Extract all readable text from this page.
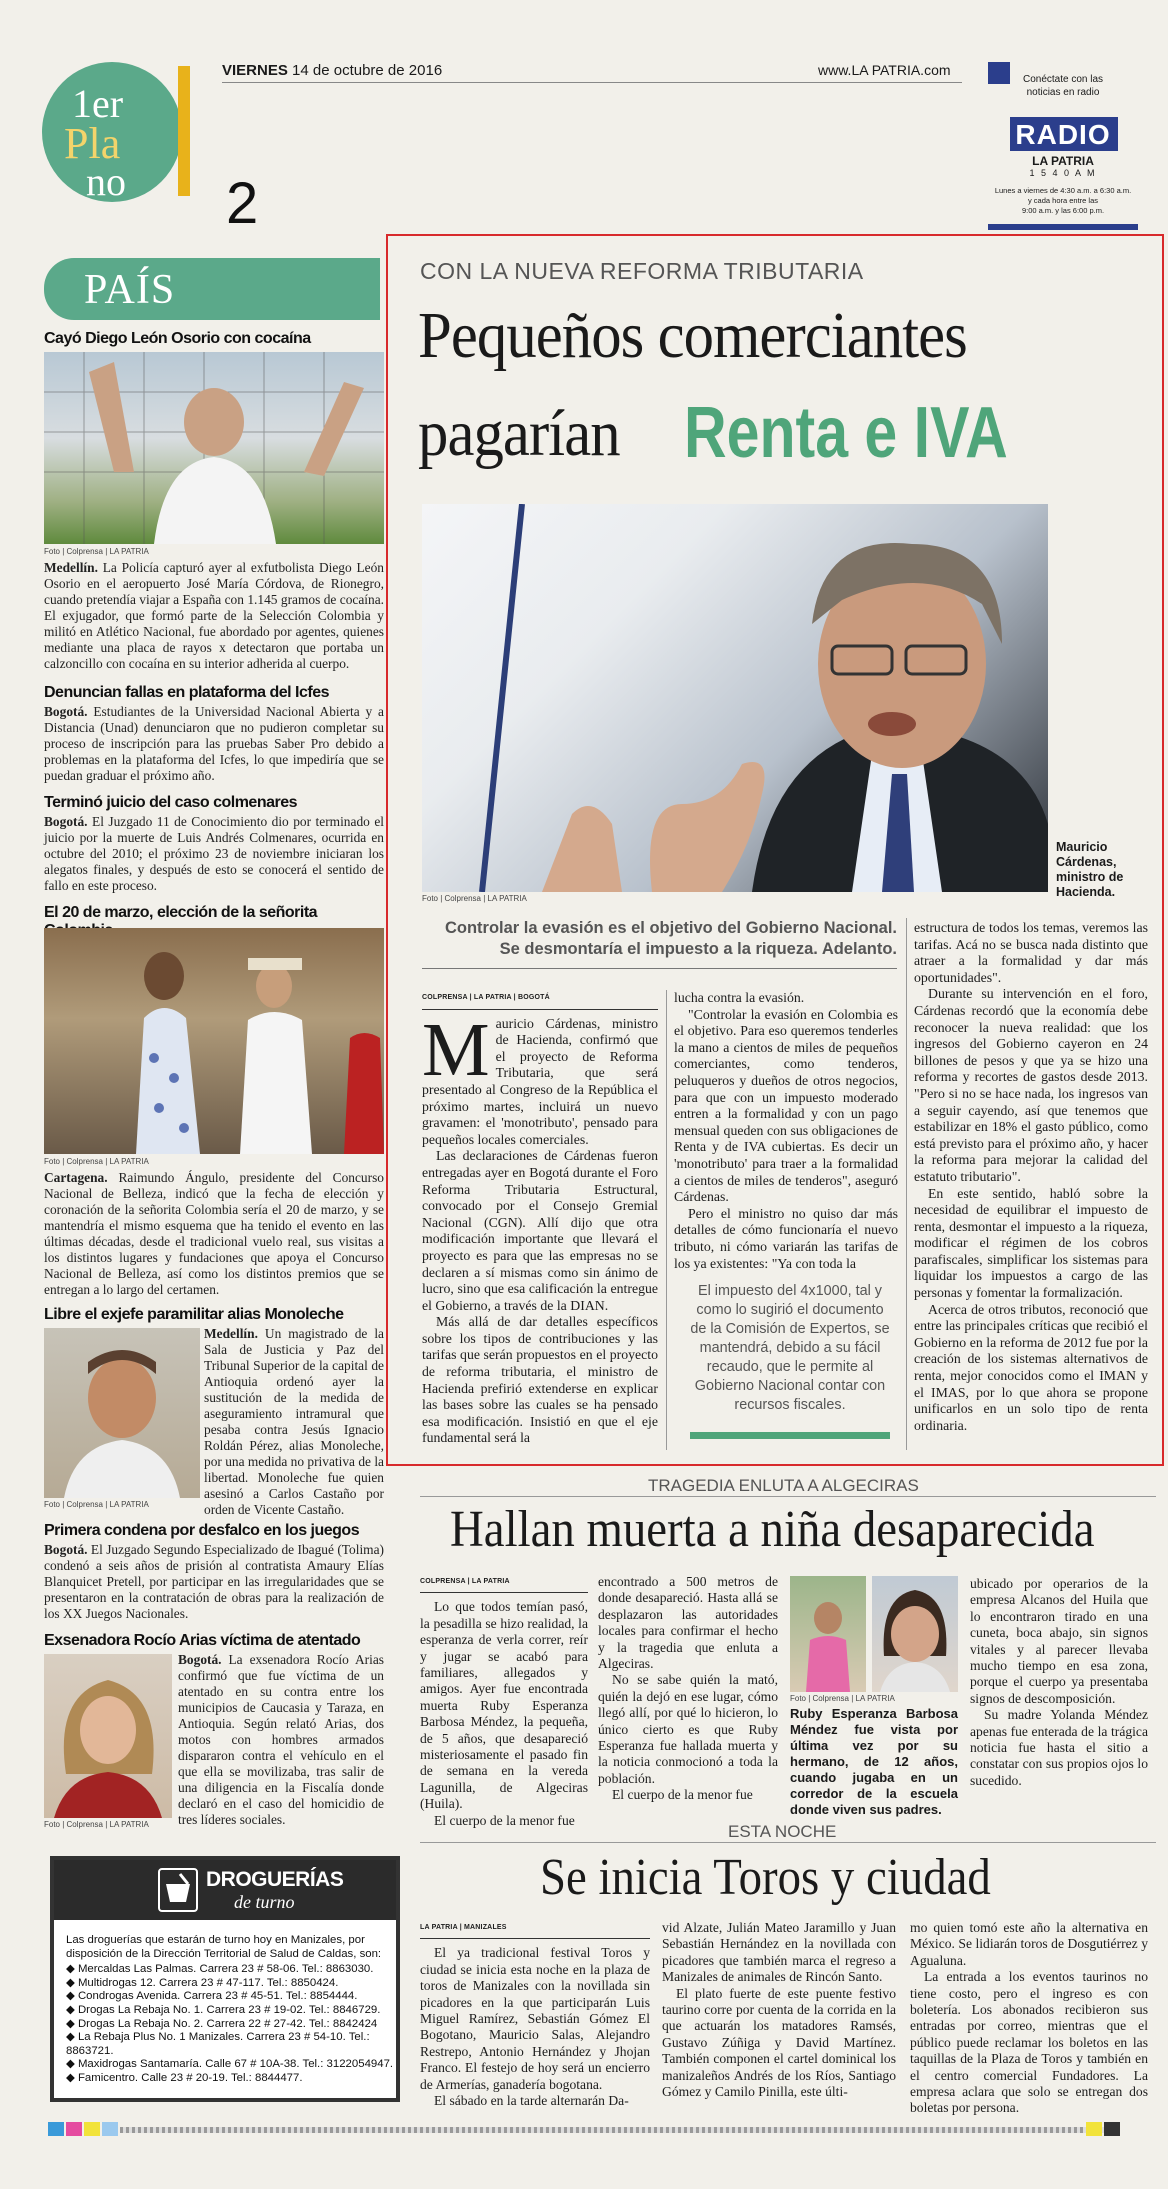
1er
Pla
no 2
VIERNES 14 de octubre de 2016	www.LA PATRIA.com
Conéctate con las
noticias en radio
RADIO
LA PATRIA
1 5 4 0 A M
Lunes a viernes de 4:30 a.m. a 6:30 a.m.
y cada hora entre las
9:00 a.m. y las 6:00 p.m.
PAÍS
Cayó Diego León Osorio con cocaína
Foto | Colprensa | LA PATRIA
Medellín. La Policía capturó ayer al exfutbolista Diego León Osorio en el aeropuerto José María Córdova, de Rionegro, cuando pretendía viajar a España con 1.145 gramos de cocaína. El exjugador, que formó parte de la Selección Colombia y militó en Atlético Nacional, fue abordado por agentes, quienes mediante una placa de rayos x detectaron que portaba un calzoncillo con cocaína en su interior adherida al cuerpo.
Denuncian fallas en plataforma del Icfes
Bogotá. Estudiantes de la Universidad Nacional Abierta y a Distancia (Unad) denunciaron que no pudieron completar su proceso de inscripción para las pruebas Saber Pro debido a problemas en la plataforma del Icfes, lo que impediría que se puedan graduar el próximo año.
Terminó juicio del caso colmenares
Bogotá. El Juzgado 11 de Conocimiento dio por terminado el juicio por la muerte de Luis Andrés Colmenares, ocurrida en octubre del 2010; el próximo 23 de noviembre iniciaran los alegatos finales, y después de esto se conocerá el sentido de fallo en este proceso.
El 20 de marzo, elección de la señorita
Foto | Colprensa | LA PATRIA
Cartagena. Raimundo Ángulo, presidente del Concurso Nacional de Belleza, indicó que la fecha de elección y coronación de la señorita Colombia sería el 20 de marzo, y se mantendría el mismo esquema que ha tenido el evento en las últimas décadas, desde el tradicional vuelo real, sus visitas a los distintos lugares y fundaciones que apoya el Concurso Nacional de Belleza, así como los distintos premios que se entregan a lo largo del certamen.
Libre el exjefe paramilitar alias Monoleche
Foto | Colprensa | LA PATRIA
Medellín. Un magistrado de la Sala de Justicia y Paz del Tribunal Superior de la capital de Antioquia ordenó ayer la sustitución de la medida de aseguramiento intramural que pesaba contra Jesús Ignacio Roldán Pérez, alias Monoleche, por una medida no privativa de la libertad. Monoleche fue quien asesinó a Carlos Castaño por orden de Vicente Castaño.
Primera condena por desfalco en los juegos
Bogotá. El Juzgado Segundo Especializado de Ibagué (Tolima) condenó a seis años de prisión al contratista Amaury Elías Blanquicet Pretell, por participar en las irregularidades que se presentaron en la contratación de obras para la realización de los XX Juegos Nacionales.
Exsenadora Rocío Arias víctima de atentado
Foto | Colprensa | LA PATRIA
Bogotá. La exsenadora Rocío Arias confirmó que fue víctima de un atentado en su contra entre los municipios de Caucasia y Taraza, en Antioquia. Según relató Arias, dos motos con hombres armados dispararon contra el vehículo en el que ella se movilizaba, tras salir de una diligencia en la Fiscalía donde declaró en el caso del homicidio de tres líderes sociales.
CON LA NUEVA REFORMA TRIBUTARIA
Pequeños comerciantes
pagarían Renta e IVA
Mauricio
Cárdenas,
ministro de
Hacienda.
Foto | Colprensa | LA PATRIA
Controlar la evasión es el objetivo del Gobierno Nacional. Se desmontaría el impuesto a la riqueza. Adelanto.
COLPRENSA | LA PATRIA | BOGOTÁ

Mauricio Cárdenas, ministro de Hacienda, confirmó que el proyecto de Reforma Tributaria, que será presentado al Congreso de la República el próximo martes, incluirá un nuevo gravamen: el 'monotributo', pensado para pequeños locales comerciales.

Las declaraciones de Cárdenas fueron entregadas ayer en Bogotá durante el Foro Reforma Tributaria Estructural, convocado por el Consejo Gremial Nacional (CGN). Allí dijo que otra modificación importante que llevará el proyecto es para que las empresas no se declaren a sí mismas como sin ánimo de lucro, sino que esa calificación la entregue el Gobierno, a través de la DIAN.

Más allá de dar detalles específicos sobre los tipos de contribuciones y las tarifas que serán propuestos en el proyecto de reforma tributaria, el ministro de Hacienda prefirió extenderse en explicar las bases sobre las cuales se ha pensado esa modificación. Insistió en que el eje fundamental será la

lucha contra la evasión.

"Controlar la evasión en Colombia es el objetivo. Para eso queremos tenderles la mano a cientos de miles de pequeños comerciantes, como tenderos, peluqueros y dueños de otros negocios, para que con un impuesto moderado entren a la formalidad y con un pago mensual queden con sus obligaciones de Renta y de IVA cubiertas. Es decir un 'monotributo' para traer a la formalidad a cientos de miles de tenderos", aseguró Cárdenas.

Pero el ministro no quiso dar más detalles de cómo funcionaría el nuevo tributo, ni cómo variarán las tarifas de los ya existentes: "Ya con toda la

El impuesto del 4x1000, tal y como lo sugirió el documento de la Comisión de Expertos, se mantendrá, debido a su fácil recaudo, que le permite al Gobierno Nacional contar con recursos fiscales.

estructura de todos los temas, veremos las tarifas. Acá no se busca nada distinto que atraer a la formalidad y dar más oportunidades".

Durante su intervención en el foro, Cárdenas recordó que la economía debe reconocer la nueva realidad: que los ingresos del Gobierno cayeron en 24 billones de pesos y que ya se hizo una reforma y recortes de gastos desde 2013. "Pero si no se hace nada, los ingresos van a seguir cayendo, así que tenemos que estabilizar en 18% el gasto público, como está previsto para el próximo año, y hacer la reforma para mejorar la calidad del estatuto tributario".

En este sentido, habló sobre la necesidad de equilibrar el impuesto de renta, desmontar el impuesto a la riqueza, modificar el régimen de los cobros parafiscales, simplificar los sistemas para liquidar los impuestos a cargo de las personas y fomentar la formalización.

Acerca de otros tributos, reconoció que entre las principales críticas que recibió el Gobierno en la reforma de 2012 fue por la creación de los sistemas alternativos de renta, mejor conocidos como el IMAN y el IMAS, por lo que ahora se propone unificarlos en un solo tipo de renta ordinaria.

TRAGEDIA ENLUTA A ALGECIRAS
Hallan muerta a niña desaparecida
COLPRENSA | LA PATRIA

Lo que todos temían pasó, la pesadilla se hizo realidad, la esperanza de verla correr, reír y jugar se acabó para familiares, allegados y amigos. Ayer fue encontrada muerta Ruby Esperanza Barbosa Méndez, la pequeña, de 5 años, que desapareció misteriosamente el pasado fin de semana en la vereda Lagunilla, de Algeciras (Huila).

El cuerpo de la menor fue

encontrado a 500 metros de donde desapareció. Hasta allá se desplazaron las autoridades locales para confirmar el hecho y la tragedia que enluta a Algeciras.

No se sabe quién la mató, quién la dejó en ese lugar, cómo llegó allí, por qué lo hicieron, lo único cierto es que Ruby Esperanza fue hallada muerta y la noticia conmocionó a toda la población.

El cuerpo de la menor fue

Foto | Colprensa | LA PATRIA
Ruby Esperanza Barbosa Méndez fue vista por última vez por su hermano, de 12 años, cuando jugaba en un corredor de la escuela donde viven sus padres.

ubicado por operarios de la empresa Alcanos del Huila que lo encontraron tirado en una cuneta, boca abajo, sin signos vitales y al parecer llevaba mucho tiempo en esa zona, porque el cuerpo ya presentaba signos de descomposición.

Su madre Yolanda Méndez apenas fue enterada de la trágica noticia fue hasta el sitio a constatar con sus propios ojos lo sucedido.

ESTA NOCHE
Se inicia Toros y ciudad
LA PATRIA | MANIZALES

El ya tradicional festival Toros y ciudad se inicia esta noche en la plaza de toros de Manizales con la novillada sin picadores en la que participarán Luis Miguel Ramírez, Sebastián Gómez El Bogotano, Mauricio Salas, Alejandro Restrepo, Antonio Hernández y Jhojan Franco. El festejo de hoy será un encierro de Armerías, ganadería bogotana.

El sábado en la tarde alternarán Da-

vid Alzate, Julián Mateo Jaramillo y Juan Sebastián Hernández en la novillada con picadores que también marca el regreso a Manizales de animales de Rincón Santo.

El plato fuerte de este puente festivo taurino corre por cuenta de la corrida en la que actuarán los matadores Ramsés, Gustavo Zúñiga y David Martínez. También componen el cartel dominical los manizaleños Andrés de los Ríos, Santiago Gómez y Camilo Pinilla, este últi-

mo quien tomó este año la alternativa en México. Se lidiarán toros de Dosgutiérrez y Agualuna.

La entrada a los eventos taurinos no tiene costo, pero el ingreso es con boletería. Los abonados recibieron sus entradas por correo, mientras que el público puede reclamar los boletos en las taquillas de la Plaza de Toros y también en el centro comercial Fundadores. La empresa aclara que solo se entregan dos boletas por persona.

DROGUERÍAS
de turno
Las droguerías que estarán de turno hoy en Manizales, por disposición de la Dirección Territorial de Salud de Caldas, son:
◆ Mercaldas Las Palmas. Carrera 23 # 58-06. Tel.: 8863030.
◆ Multidrogas 12. Carrera 23 # 47-117. Tel.: 8850424.
◆ Condrogas Avenida. Carrera 23 # 45-51. Tel.: 8854444.
◆ Drogas La Rebaja No. 1. Carrera 23 # 19-02. Tel.: 8846729.
◆ Drogas La Rebaja No. 2. Carrera 22 # 27-42. Tel.: 8842424
◆ La Rebaja Plus No. 1 Manizales. Carrera 23 # 54-10. Tel.: 8863721.
◆ Maxidrogas Santamaría. Calle 67 # 10A-38. Tel.: 3122054947.
◆ Famicentro. Calle 23 # 20-19. Tel.: 8844477.
